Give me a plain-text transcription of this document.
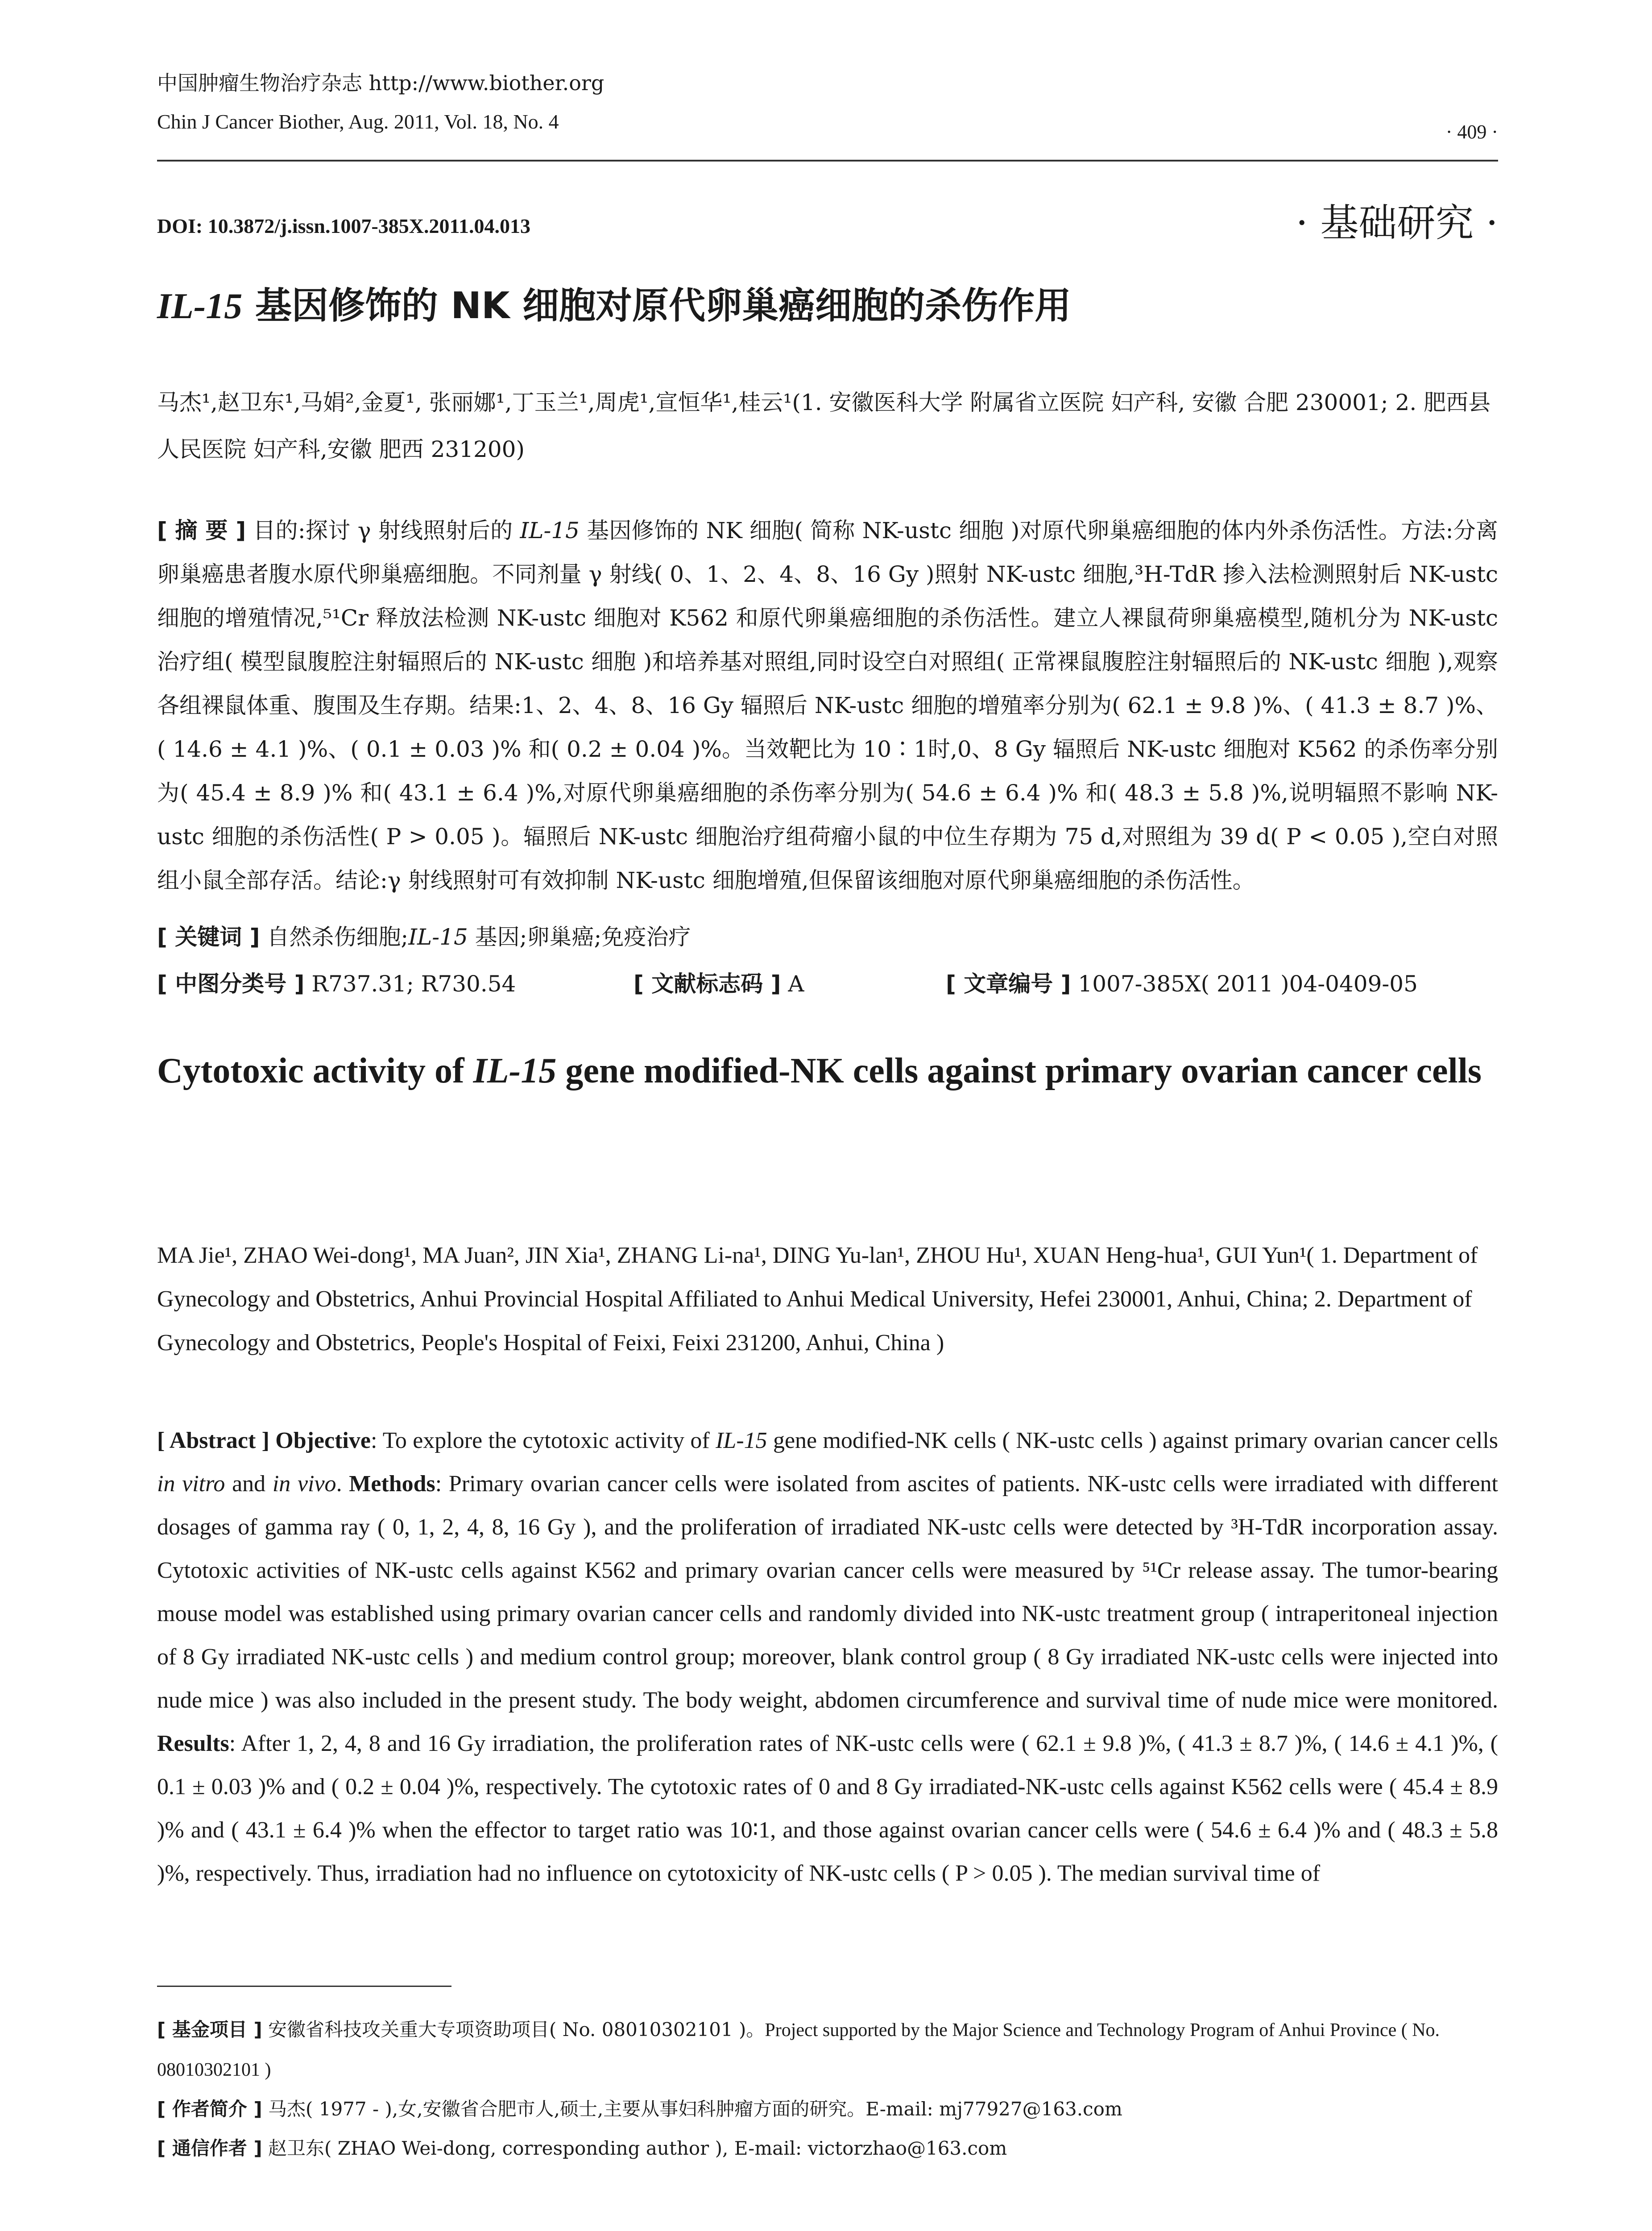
中国肿瘤生物治疗杂志 http://www.biother.org
Chin J Cancer Biother, Aug. 2011, Vol. 18, No. 4	· 409 ·
DOI: 10.3872/j.issn.1007-385X.2011.04.013	· 基础研究 ·
IL-15 基因修饰的 NK 细胞对原代卵巢癌细胞的杀伤作用
马杰¹,赵卫东¹,马娟²,金夏¹, 张丽娜¹,丁玉兰¹,周虎¹,宣恒华¹,桂云¹(1. 安徽医科大学 附属省立医院 妇产科, 安徽 合肥 230001; 2. 肥西县人民医院 妇产科,安徽 肥西 231200)
[ 摘 要 ] 目的:探讨 γ 射线照射后的 IL-15 基因修饰的 NK 细胞( 简称 NK-ustc 细胞 )对原代卵巢癌细胞的体内外杀伤活性。方法:分离卵巢癌患者腹水原代卵巢癌细胞。不同剂量 γ 射线( 0、1、2、4、8、16 Gy )照射 NK-ustc 细胞,³H-TdR 掺入法检测照射后 NK-ustc 细胞的增殖情况,⁵¹Cr 释放法检测 NK-ustc 细胞对 K562 和原代卵巢癌细胞的杀伤活性。建立人裸鼠荷卵巢癌模型,随机分为 NK-ustc 治疗组( 模型鼠腹腔注射辐照后的 NK-ustc 细胞 )和培养基对照组,同时设空白对照组( 正常裸鼠腹腔注射辐照后的 NK-ustc 细胞 ),观察各组裸鼠体重、腹围及生存期。结果:1、2、4、8、16 Gy 辐照后 NK-ustc 细胞的增殖率分别为( 62.1 ± 9.8 )%、( 41.3 ± 8.7 )%、( 14.6 ± 4.1 )%、( 0.1 ± 0.03 )% 和( 0.2 ± 0.04 )%。当效靶比为 10∶1时,0、8 Gy 辐照后 NK-ustc 细胞对 K562 的杀伤率分别为( 45.4 ± 8.9 )% 和( 43.1 ± 6.4 )%,对原代卵巢癌细胞的杀伤率分别为( 54.6 ± 6.4 )% 和( 48.3 ± 5.8 )%,说明辐照不影响 NK-ustc 细胞的杀伤活性( P > 0.05 )。辐照后 NK-ustc 细胞治疗组荷瘤小鼠的中位生存期为 75 d,对照组为 39 d( P < 0.05 ),空白对照组小鼠全部存活。结论:γ 射线照射可有效抑制 NK-ustc 细胞增殖,但保留该细胞对原代卵巢癌细胞的杀伤活性。
[ 关键词 ] 自然杀伤细胞;IL-15 基因;卵巢癌;免疫治疗
[ 中图分类号 ] R737.31; R730.54	[ 文献标志码 ] A	[ 文章编号 ] 1007-385X( 2011 )04-0409-05
Cytotoxic activity of IL-15 gene modified-NK cells against primary ovarian cancer cells
MA Jie¹, ZHAO Wei-dong¹, MA Juan², JIN Xia¹, ZHANG Li-na¹, DING Yu-lan¹, ZHOU Hu¹, XUAN Heng-hua¹, GUI Yun¹( 1. Department of Gynecology and Obstetrics, Anhui Provincial Hospital Affiliated to Anhui Medical University, Hefei 230001, Anhui, China; 2. Department of Gynecology and Obstetrics, People's Hospital of Feixi, Feixi 231200, Anhui, China )
[ Abstract ] Objective: To explore the cytotoxic activity of IL-15 gene modified-NK cells ( NK-ustc cells ) against primary ovarian cancer cells in vitro and in vivo. Methods: Primary ovarian cancer cells were isolated from ascites of patients. NK-ustc cells were irradiated with different dosages of gamma ray ( 0, 1, 2, 4, 8, 16 Gy ), and the proliferation of irradiated NK-ustc cells were detected by ³H-TdR incorporation assay. Cytotoxic activities of NK-ustc cells against K562 and primary ovarian cancer cells were measured by ⁵¹Cr release assay. The tumor-bearing mouse model was established using primary ovarian cancer cells and randomly divided into NK-ustc treatment group ( intraperitoneal injection of 8 Gy irradiated NK-ustc cells ) and medium control group; moreover, blank control group ( 8 Gy irradiated NK-ustc cells were injected into nude mice ) was also included in the present study. The body weight, abdomen circumference and survival time of nude mice were monitored. Results: After 1, 2, 4, 8 and 16 Gy irradiation, the proliferation rates of NK-ustc cells were ( 62.1 ± 9.8 )%, ( 41.3 ± 8.7 )%, ( 14.6 ± 4.1 )%, ( 0.1 ± 0.03 )% and ( 0.2 ± 0.04 )%, respectively. The cytotoxic rates of 0 and 8 Gy irradiated-NK-ustc cells against K562 cells were ( 45.4 ± 8.9 )% and ( 43.1 ± 6.4 )% when the effector to target ratio was 10∶1, and those against ovarian cancer cells were ( 54.6 ± 6.4 )% and ( 48.3 ± 5.8 )%, respectively. Thus, irradiation had no influence on cytotoxicity of NK-ustc cells ( P > 0.05 ). The median survival time of
[ 基金项目 ] 安徽省科技攻关重大专项资助项目( No. 08010302101 )。Project supported by the Major Science and Technology Program of Anhui Province ( No. 08010302101 )
[ 作者简介 ] 马杰( 1977 - ),女,安徽省合肥市人,硕士,主要从事妇科肿瘤方面的研究。E-mail: mj77927@163.com
[ 通信作者 ] 赵卫东( ZHAO Wei-dong, corresponding author ), E-mail: victorzhao@163.com
